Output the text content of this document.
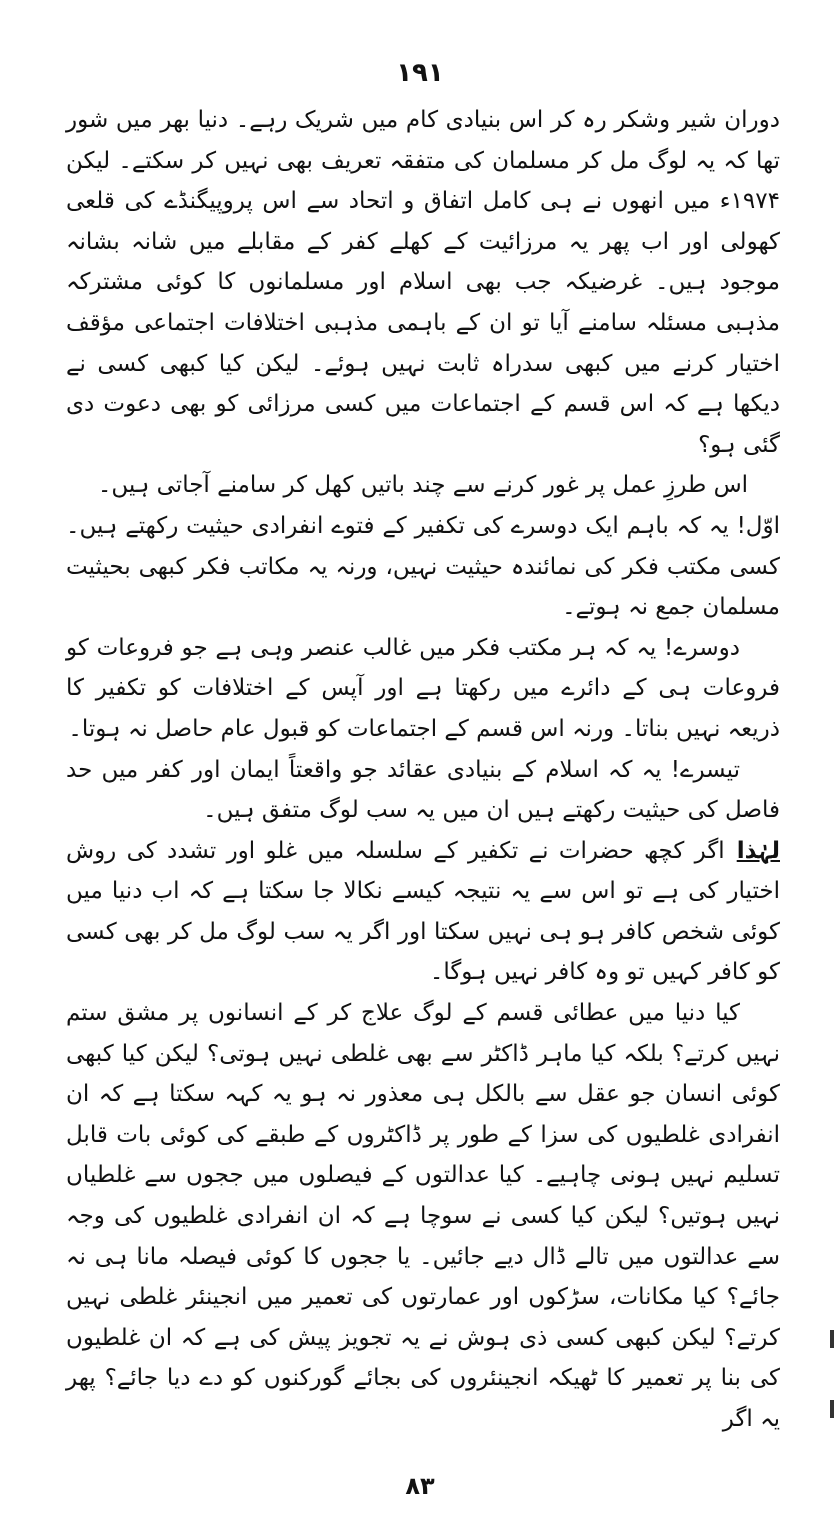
۱۹۱

دوران شیر وشکر رہ کر اس بنیادی کام میں شریک رہے۔ دنیا بھر میں شور تھا کہ یہ لوگ مل کر مسلمان کی متفقہ تعریف بھی نہیں کر سکتے۔ لیکن ۱۹۷۴ء میں انھوں نے ہی کامل اتفاق و اتحاد سے اس پروپیگنڈے کی قلعی کھولی اور اب پھر یہ مرزائیت کے کھلے کفر کے مقابلے میں شانہ بشانہ موجود ہیں۔ غرضیکہ جب بھی اسلام اور مسلمانوں کا کوئی مشترکہ مذہبی مسئلہ سامنے آیا تو ان کے باہمی مذہبی اختلافات اجتماعی مؤقف اختیار کرنے میں کبھی سدراہ ثابت نہیں ہوئے۔ لیکن کیا کبھی کسی نے دیکھا ہے کہ اس قسم کے اجتماعات میں کسی مرزائی کو بھی دعوت دی گئی ہو؟

اس طرزِ عمل پر غور کرنے سے چند باتیں کھل کر سامنے آجاتی ہیں۔

اوّل! یہ کہ باہم ایک دوسرے کی تکفیر کے فتوے انفرادی حیثیت رکھتے ہیں۔ کسی مکتب فکر کی نمائندہ حیثیت نہیں، ورنہ یہ مکاتب فکر کبھی بحیثیت مسلمان جمع نہ ہوتے۔

دوسرے! یہ کہ ہر مکتب فکر میں غالب عنصر وہی ہے جو فروعات کو فروعات ہی کے دائرے میں رکھتا ہے اور آپس کے اختلافات کو تکفیر کا ذریعہ نہیں بناتا۔ ورنہ اس قسم کے اجتماعات کو قبول عام حاصل نہ ہوتا۔

تیسرے! یہ کہ اسلام کے بنیادی عقائد جو واقعتاً ایمان اور کفر میں حد فاصل کی حیثیت رکھتے ہیں ان میں یہ سب لوگ متفق ہیں۔

لہٰذااگر کچھ حضرات نے تکفیر کے سلسلہ میں غلو اور تشدد کی روش اختیار کی ہے تو اس سے یہ نتیجہ کیسے نکالا جا سکتا ہے کہ اب دنیا میں کوئی شخص کافر ہو ہی نہیں سکتا اور اگر یہ سب لوگ مل کر بھی کسی کو کافر کہیں تو وہ کافر نہیں ہوگا۔

کیا دنیا میں عطائی قسم کے لوگ علاج کر کے انسانوں پر مشق ستم نہیں کرتے؟ بلکہ کیا ماہر ڈاکٹر سے بھی غلطی نہیں ہوتی؟ لیکن کیا کبھی کوئی انسان جو عقل سے بالکل ہی معذور نہ ہو یہ کہہ سکتا ہے کہ ان انفرادی غلطیوں کی سزا کے طور پر ڈاکٹروں کے طبقے کی کوئی بات قابل تسلیم نہیں ہونی چاہیے۔ کیا عدالتوں کے فیصلوں میں ججوں سے غلطیاں نہیں ہوتیں؟ لیکن کیا کسی نے سوچا ہے کہ ان انفرادی غلطیوں کی وجہ سے عدالتوں میں تالے ڈال دیے جائیں۔ یا ججوں کا کوئی فیصلہ مانا ہی نہ جائے؟ کیا مکانات، سڑکوں اور عمارتوں کی تعمیر میں انجینئر غلطی نہیں کرتے؟ لیکن کبھی کسی ذی ہوش نے یہ تجویز پیش کی ہے کہ ان غلطیوں کی بنا پر تعمیر کا ٹھیکہ انجینئروں کی بجائے گورکنوں کو دے دیا جائے؟ پھر یہ اگر

۸۳
